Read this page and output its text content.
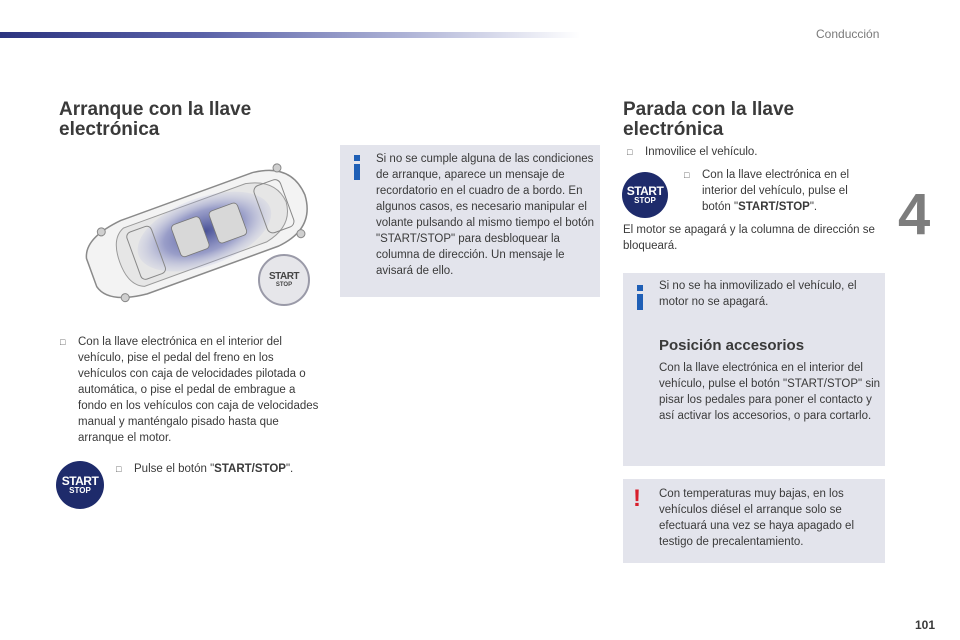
Conducción
4
Arranque con la llave electrónica
START
STOP
Si no se cumple alguna de las condiciones de arranque, aparece un mensaje de recordatorio en el cuadro de a bordo. En algunos casos, es necesario manipular el volante pulsando al mismo tiempo el botón "START/STOP" para desbloquear la columna de dirección. Un mensaje le avisará de ello.
□	Con la llave electrónica en el interior del vehículo, pise el pedal del freno en los vehículos con caja de velocidades pilotada o automática, o pise el pedal de embrague a fondo en los vehículos con caja de velocidades manual y manténgalo pisado hasta que arranque el motor.
□	Pulse el botón "START/STOP".
START
STOP
Parada con la llave electrónica
□	Inmovilice el vehículo.
START
STOP
□	Con la llave electrónica en el interior del vehículo, pulse el botón "START/STOP".
El motor se apagará y la columna de dirección se bloqueará.
Si no se ha inmovilizado el vehículo, el motor no se apagará.
Posición accesorios
Con la llave electrónica en el interior del vehículo, pulse el botón "START/STOP" sin pisar los pedales para poner el contacto y así activar los accesorios, o para cortarlo.
! Con temperaturas muy bajas, en los vehículos diésel el arranque solo se efectuará una vez se haya apagado el testigo de precalentamiento.
101
